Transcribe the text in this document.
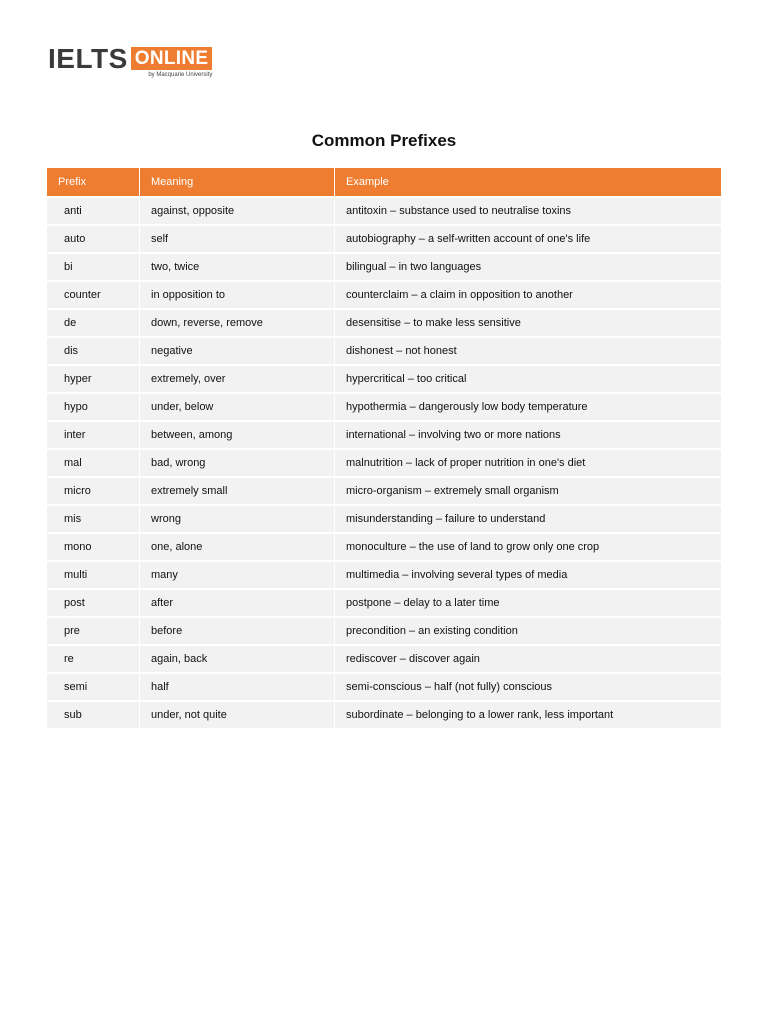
IELTS ONLINE
by Macquarie University
Common Prefixes
Prefix	Meaning	Example
anti	against, opposite	antitoxin – substance used to neutralise toxins
auto	self	autobiography – a self-written account of one's life
bi	two, twice	bilingual – in two languages
counter	in opposition to	counterclaim – a claim in opposition to another
de	down, reverse, remove	desensitise – to make less sensitive
dis	negative	dishonest – not honest
hyper	extremely, over	hypercritical – too critical
hypo	under, below	hypothermia – dangerously low body temperature
inter	between, among	international – involving two or more nations
mal	bad, wrong	malnutrition – lack of proper nutrition in one's diet
micro	extremely small	micro-organism – extremely small organism
mis	wrong	misunderstanding – failure to understand
mono	one, alone	monoculture – the use of land to grow only one crop
multi	many	multimedia – involving several types of media
post	after	postpone – delay to a later time
pre	before	precondition – an existing condition
re	again, back	rediscover – discover again
semi	half	semi-conscious – half (not fully) conscious
sub	under, not quite	subordinate – belonging to a lower rank, less important
